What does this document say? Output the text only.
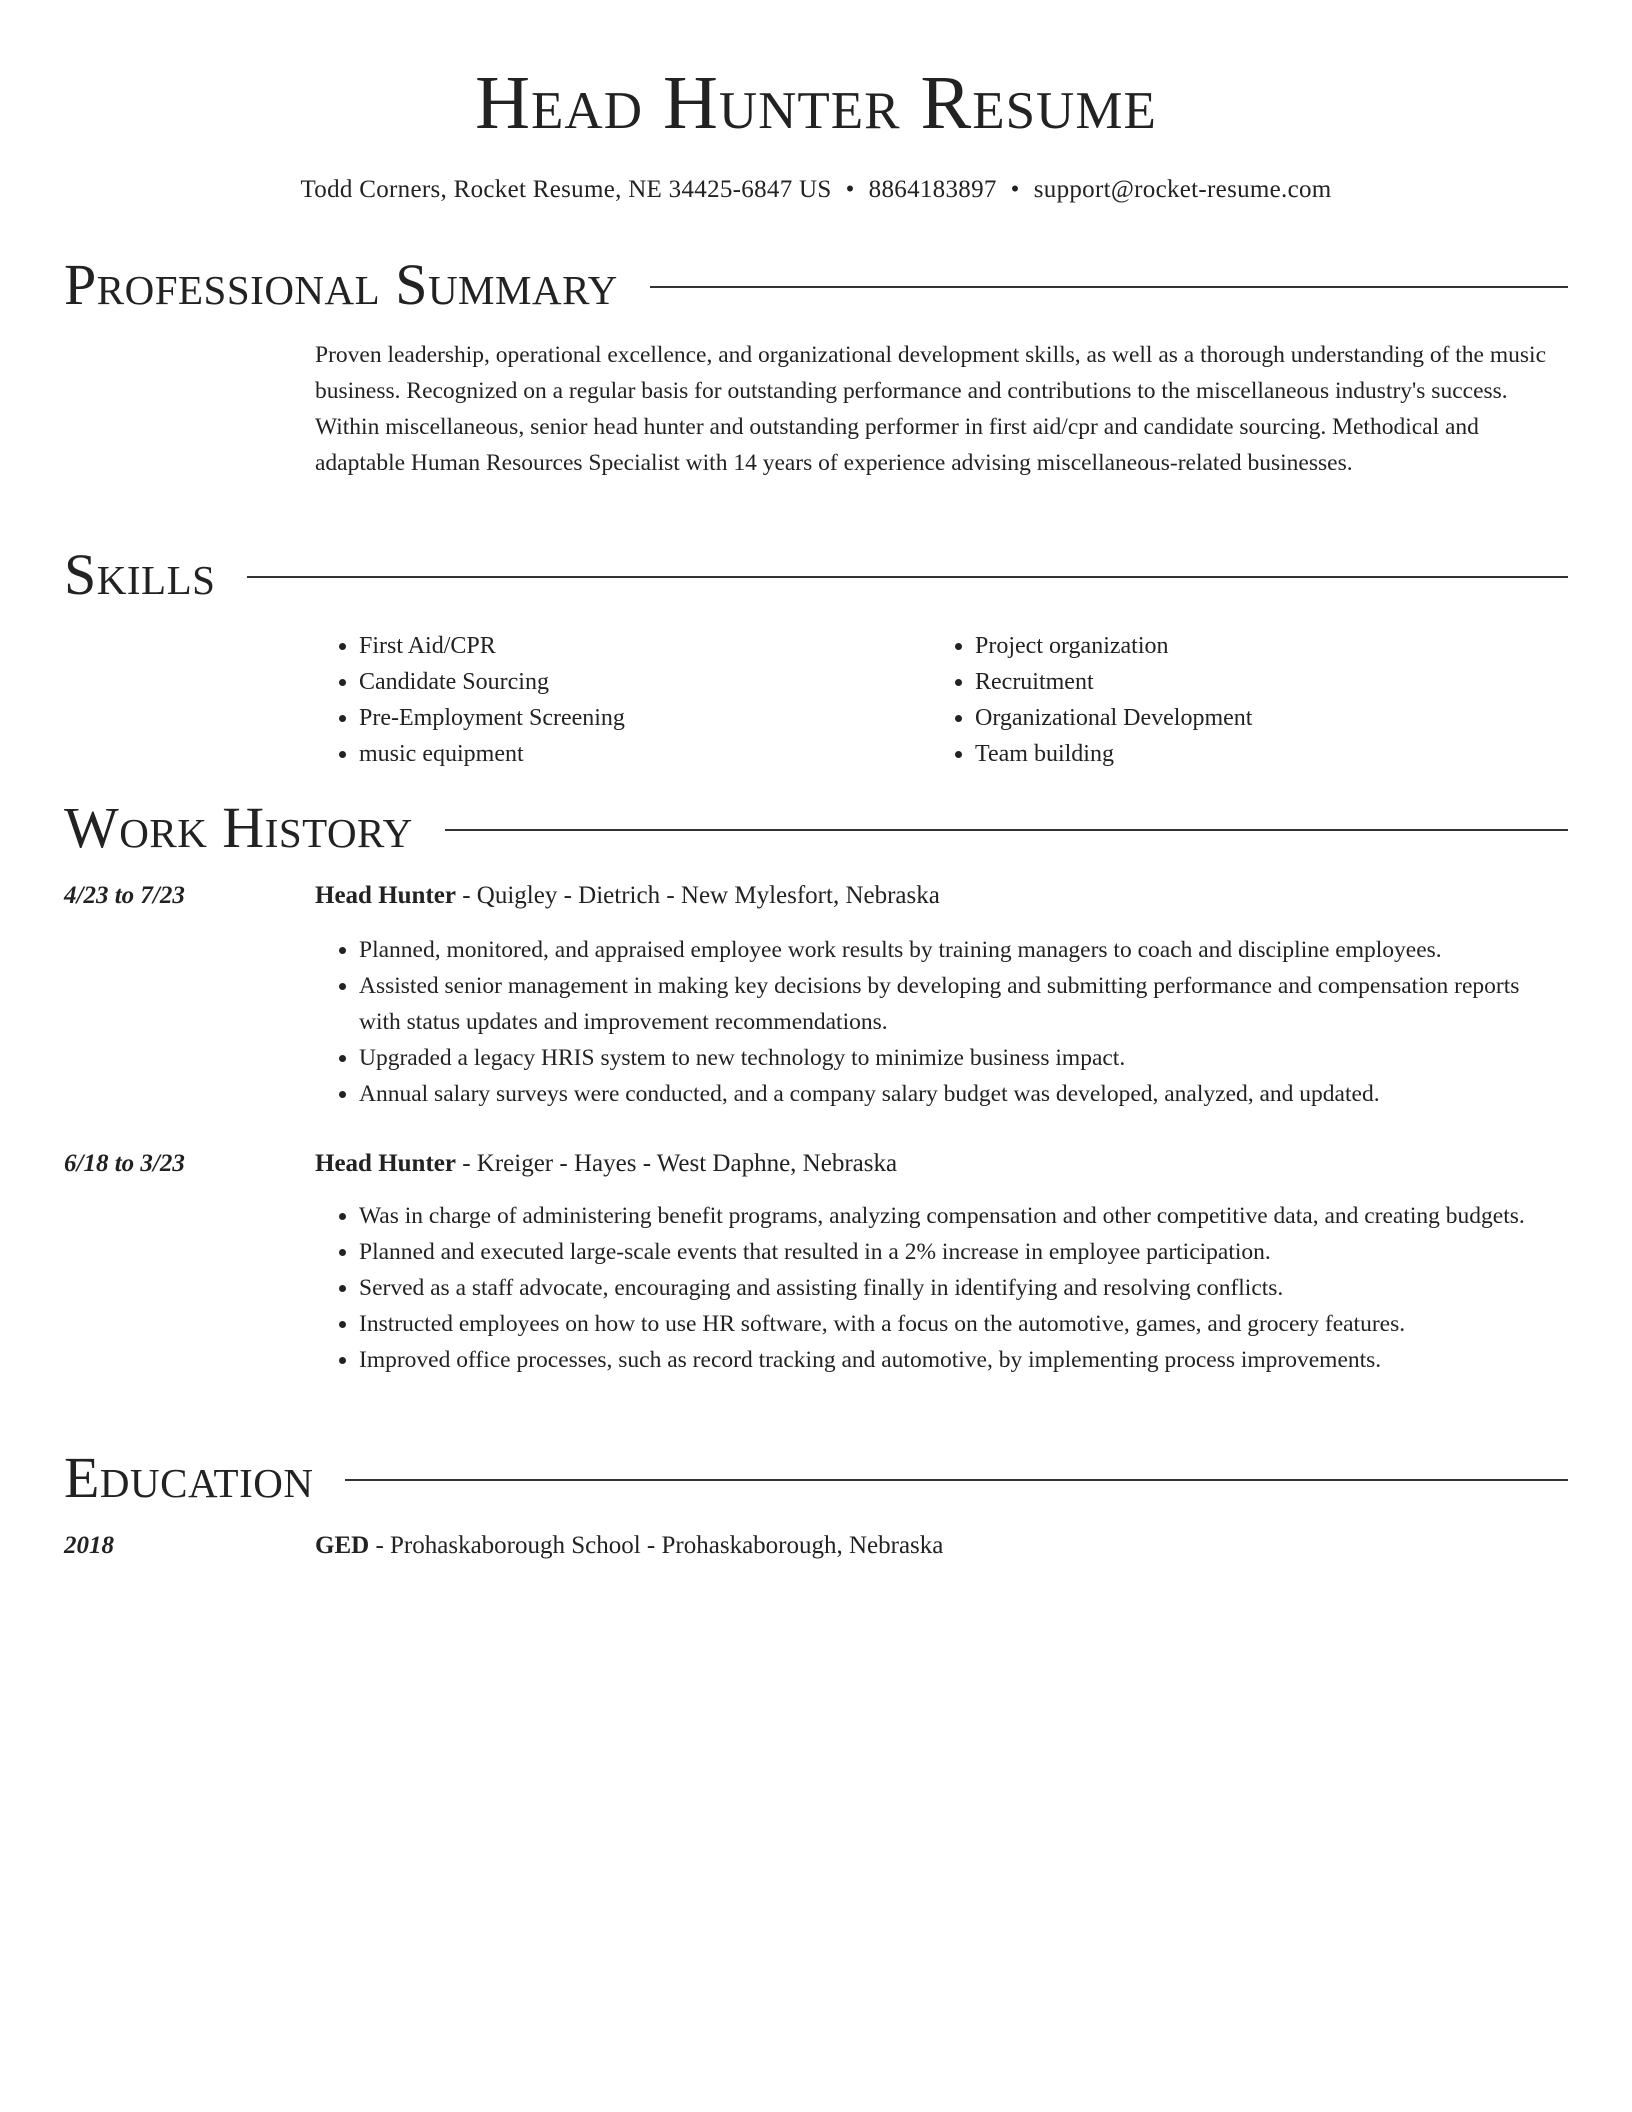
Head Hunter Resume
Todd Corners, Rocket Resume, NE 34425-6847 US • 8864183897 • support@rocket-resume.com
Professional Summary

Proven leadership, operational excellence, and organizational development skills, as well as a thorough understanding of the music business. Recognized on a regular basis for outstanding performance and contributions to the miscellaneous industry's success. Within miscellaneous, senior head hunter and outstanding performer in first aid/cpr and candidate sourcing. Methodical and adaptable Human Resources Specialist with 14 years of experience advising miscellaneous-related businesses.

Skills
• First Aid/CPR
• Candidate Sourcing
• Pre-Employment Screening
• music equipment
• Project organization
• Recruitment
• Organizational Development
• Team building
Work History
4/23 to 7/23	Head Hunter - Quigley - Dietrich - New Mylesfort, Nebraska
• Planned, monitored, and appraised employee work results by training managers to coach and discipline employees.
• Assisted senior management in making key decisions by developing and submitting performance and compensation reports with status updates and improvement recommendations.
• Upgraded a legacy HRIS system to new technology to minimize business impact.
• Annual salary surveys were conducted, and a company salary budget was developed, analyzed, and updated.
6/18 to 3/23	Head Hunter - Kreiger - Hayes - West Daphne, Nebraska
• Was in charge of administering benefit programs, analyzing compensation and other competitive data, and creating budgets.
• Planned and executed large-scale events that resulted in a 2% increase in employee participation.
• Served as a staff advocate, encouraging and assisting finally in identifying and resolving conflicts.
• Instructed employees on how to use HR software, with a focus on the automotive, games, and grocery features.
• Improved office processes, such as record tracking and automotive, by implementing process improvements.
Education
2018	GED - Prohaskaborough School - Prohaskaborough, Nebraska
